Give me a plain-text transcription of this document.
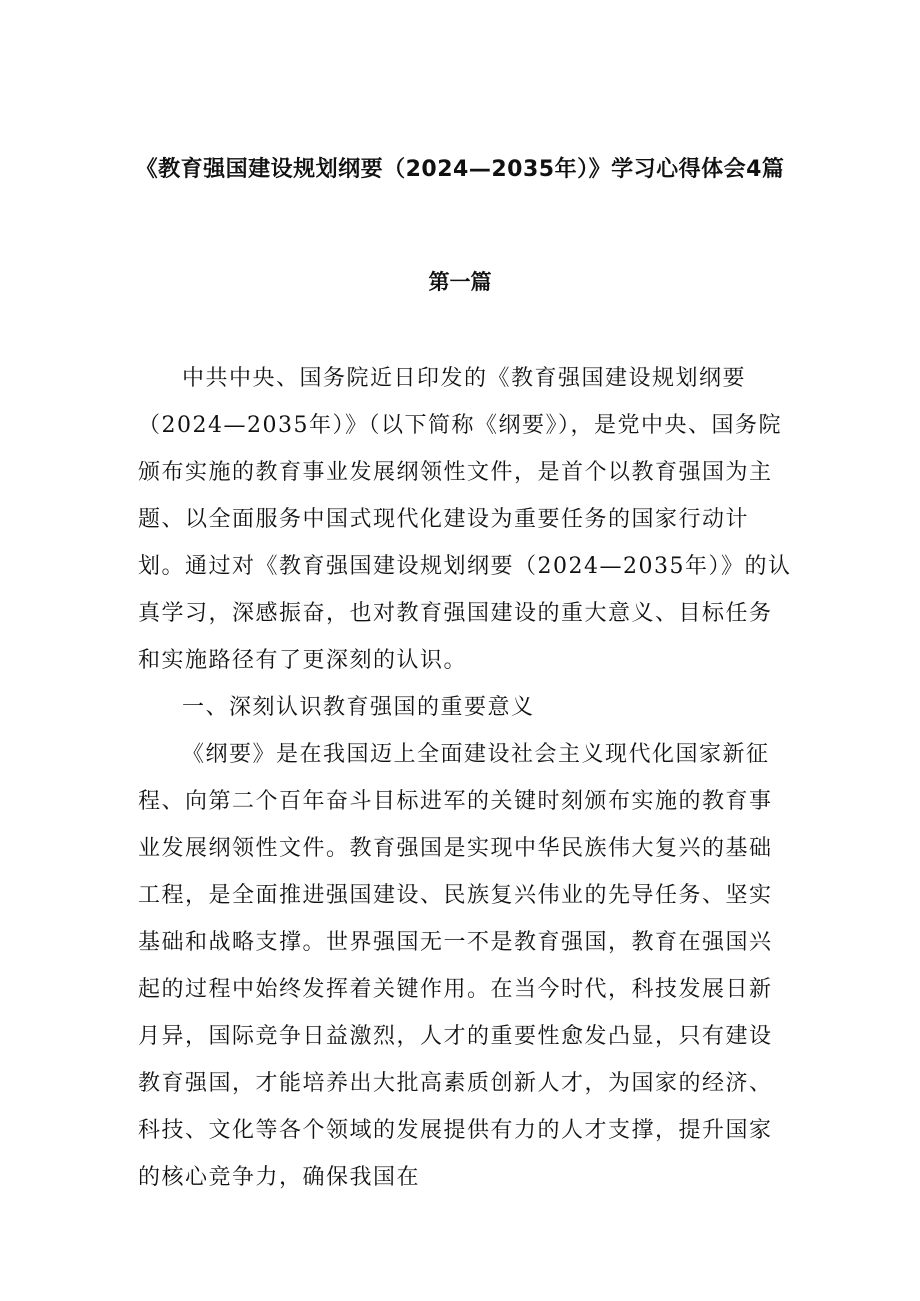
《教育强国建设规划纲要（2024—2035年）》学习心得体会4篇
第一篇

中共中央、国务院近日印发的《教育强国建设规划纲要（2024—2035年）》（以下简称《纲要》），是党中央、国务院颁布实施的教育事业发展纲领性文件，是首个以教育强国为主题、以全面服务中国式现代化建设为重要任务的国家行动计划。通过对《教育强国建设规划纲要（2024—2035年）》的认真学习，深感振奋，也对教育强国建设的重大意义、目标任务和实施路径有了更深刻的认识。

一、深刻认识教育强国的重要意义

《纲要》是在我国迈上全面建设社会主义现代化国家新征程、向第二个百年奋斗目标进军的关键时刻颁布实施的教育事业发展纲领性文件。教育强国是实现中华民族伟大复兴的基础工程，是全面推进强国建设、民族复兴伟业的先导任务、坚实基础和战略支撑。世界强国无一不是教育强国，教育在强国兴起的过程中始终发挥着关键作用。在当今时代，科技发展日新月异，国际竞争日益激烈，人才的重要性愈发凸显，只有建设教育强国，才能培养出大批高素质创新人才，为国家的经济、科技、文化等各个领域的发展提供有力的人才支撑，提升国家的核心竞争力，确保我国在
